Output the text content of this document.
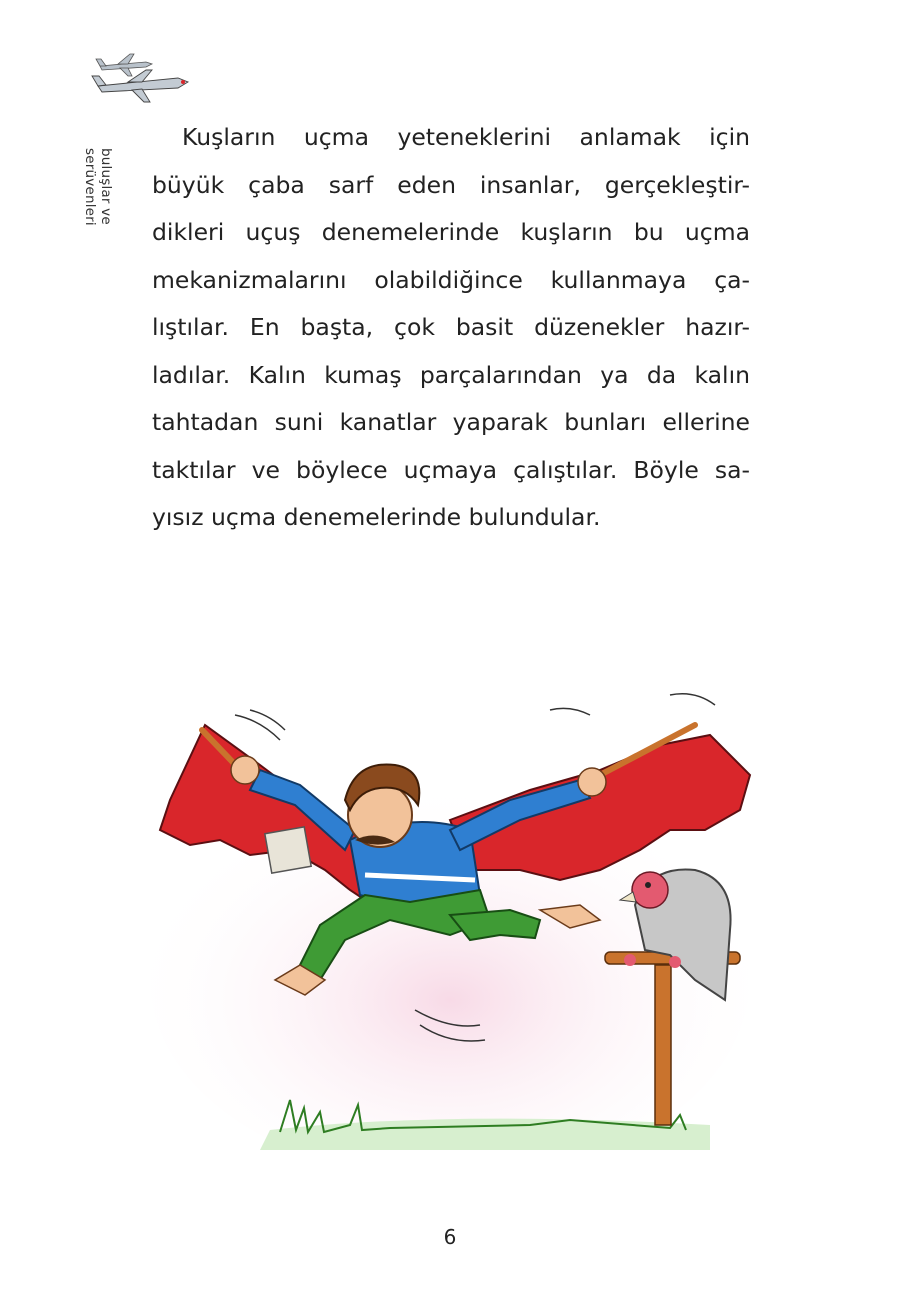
buluşlar ve serüvenleri
Kuşların uçma yeteneklerini anlamak için
büyük çaba sarf eden insanlar, gerçekleştir-
dikleri uçuş denemelerinde kuşların bu uçma
mekanizmalarını olabildiğince kullanmaya ça-
lıştılar. En başta, çok basit düzenekler hazır-
ladılar. Kalın kumaş parçalarından ya da kalın
tahtadan suni kanatlar yaparak bunları ellerine
taktılar ve böylece uçmaya çalıştılar. Böyle sa-
yısız uçma denemelerinde bulundular.
6
